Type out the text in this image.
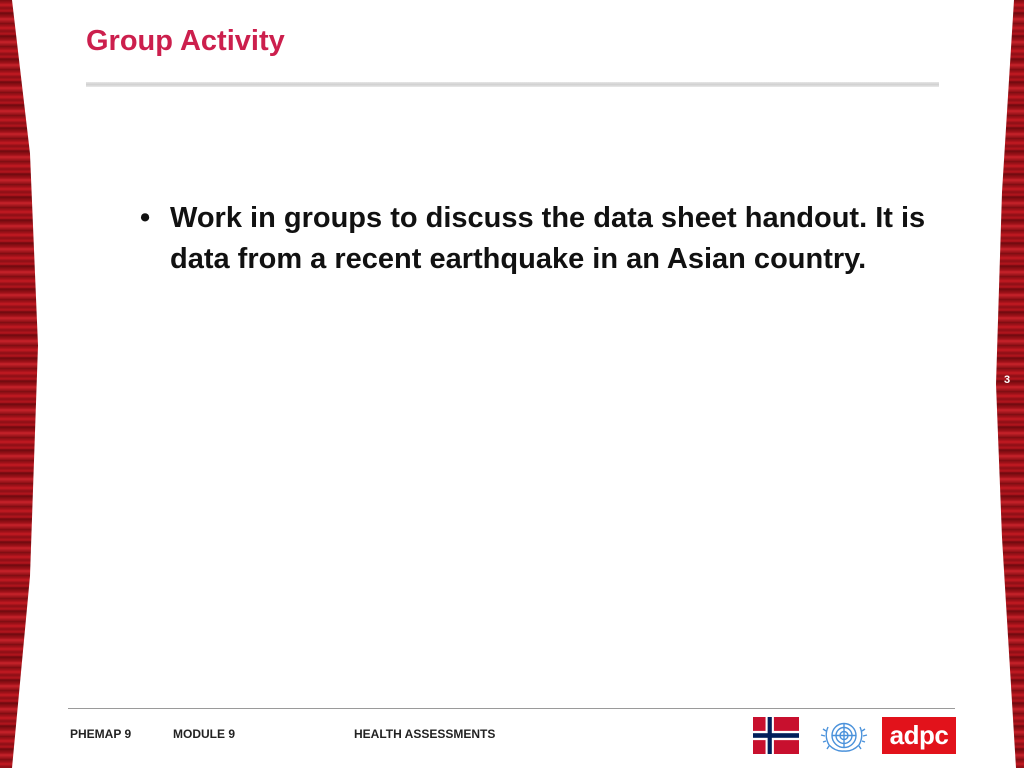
Group Activity
• Work in groups to discuss the data sheet handout. It is data from a recent earthquake in an Asian country.
3
PHEMAP 9	MODULE 9	HEALTH ASSESSMENTS	adpc
